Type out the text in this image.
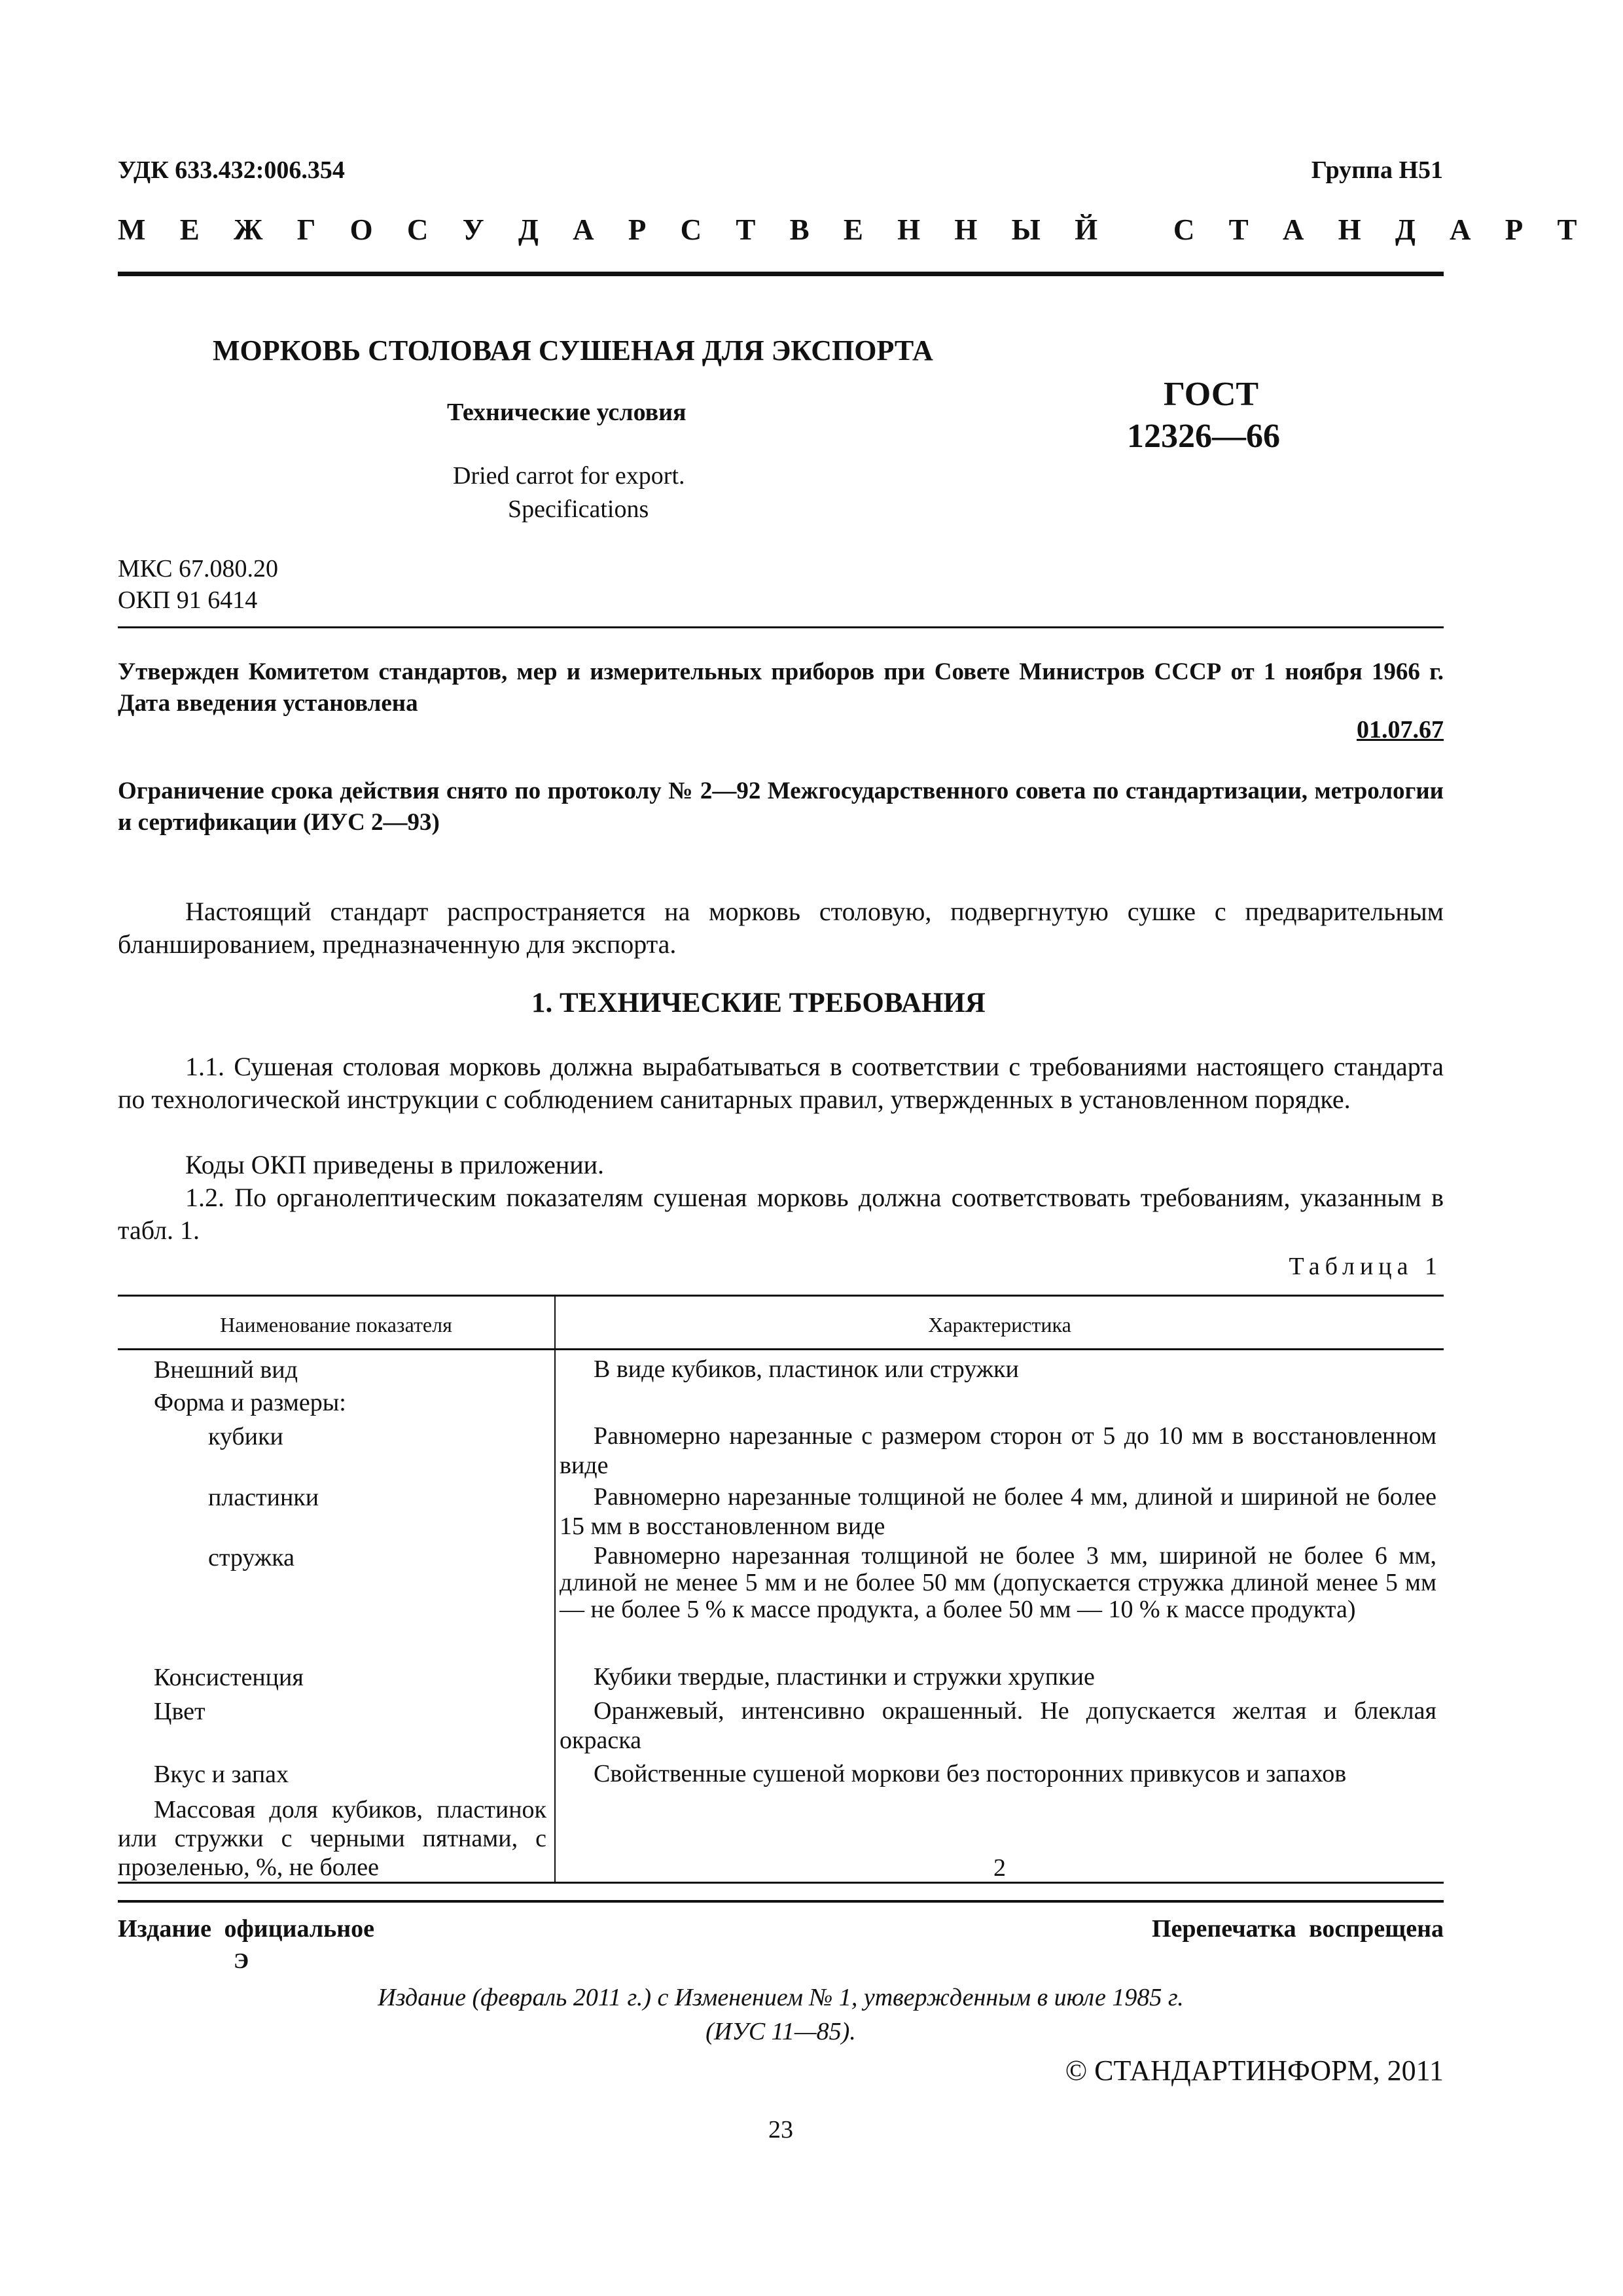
УДК 633.432:006.354	Группа Н51
М Е Ж Г О С У Д А Р С Т В Е Н Н Ы Й   С Т А Н Д А Р Т
МОРКОВЬ СТОЛОВАЯ СУШЕНАЯ ДЛЯ ЭКСПОРТА
Технические условия
Dried carrot for export.
Specifications
ГОСТ
12326—66
МКС 67.080.20
ОКП 91 6414
Утвержден Комитетом стандартов, мер и измерительных приборов при Совете Министров СССР от 1 ноября 1966 г. Дата введения установлена
01.07.67
Ограничение срока действия снято по протоколу № 2—92 Межгосударственного совета по стандартизации, метрологии и сертификации (ИУС 2—93)
Настоящий стандарт распространяется на морковь столовую, подвергнутую сушке с предварительным бланшированием, предназначенную для экспорта.
1. ТЕХНИЧЕСКИЕ ТРЕБОВАНИЯ
1.1. Сушеная столовая морковь должна вырабатываться в соответствии с требованиями настоящего стандарта по технологической инструкции с соблюдением санитарных правил, утвержденных в установленном порядке.
Коды ОКП приведены в приложении.
1.2. По органолептическим показателям сушеная морковь должна соответствовать требованиям, указанным в табл. 1.
Таблица 1
Наименование показателя	Характеристика
Внешний вид	В виде кубиков, пластинок или стружки
Форма и размеры:
кубики	Равномерно нарезанные с размером сторон от 5 до 10 мм в восстановленном виде
пластинки	Равномерно нарезанные толщиной не более 4 мм, длиной и шириной не более 15 мм в восстановленном виде
стружка	Равномерно нарезанная толщиной не более 3 мм, шириной не более 6 мм, длиной не менее 5 мм и не более 50 мм (допускается стружка длиной менее 5 мм — не более 5 % к массе продукта, а более 50 мм — 10 % к массе продукта)
Консистенция	Кубики твердые, пластинки и стружки хрупкие
Цвет	Оранжевый, интенсивно окрашенный. Не допускается желтая и блеклая окраска
Вкус и запах	Свойственные сушеной моркови без посторонних привкусов и запахов
Массовая доля кубиков, пластинок или стружки с черными пятнами, с прозеленью, %, не более	2
Издание официальное
Э
Перепечатка воспрещена
Издание (февраль 2011 г.) с Изменением № 1, утвержденным в июле 1985 г.
(ИУС 11—85).
© СТАНДАРТИНФОРМ, 2011
23
